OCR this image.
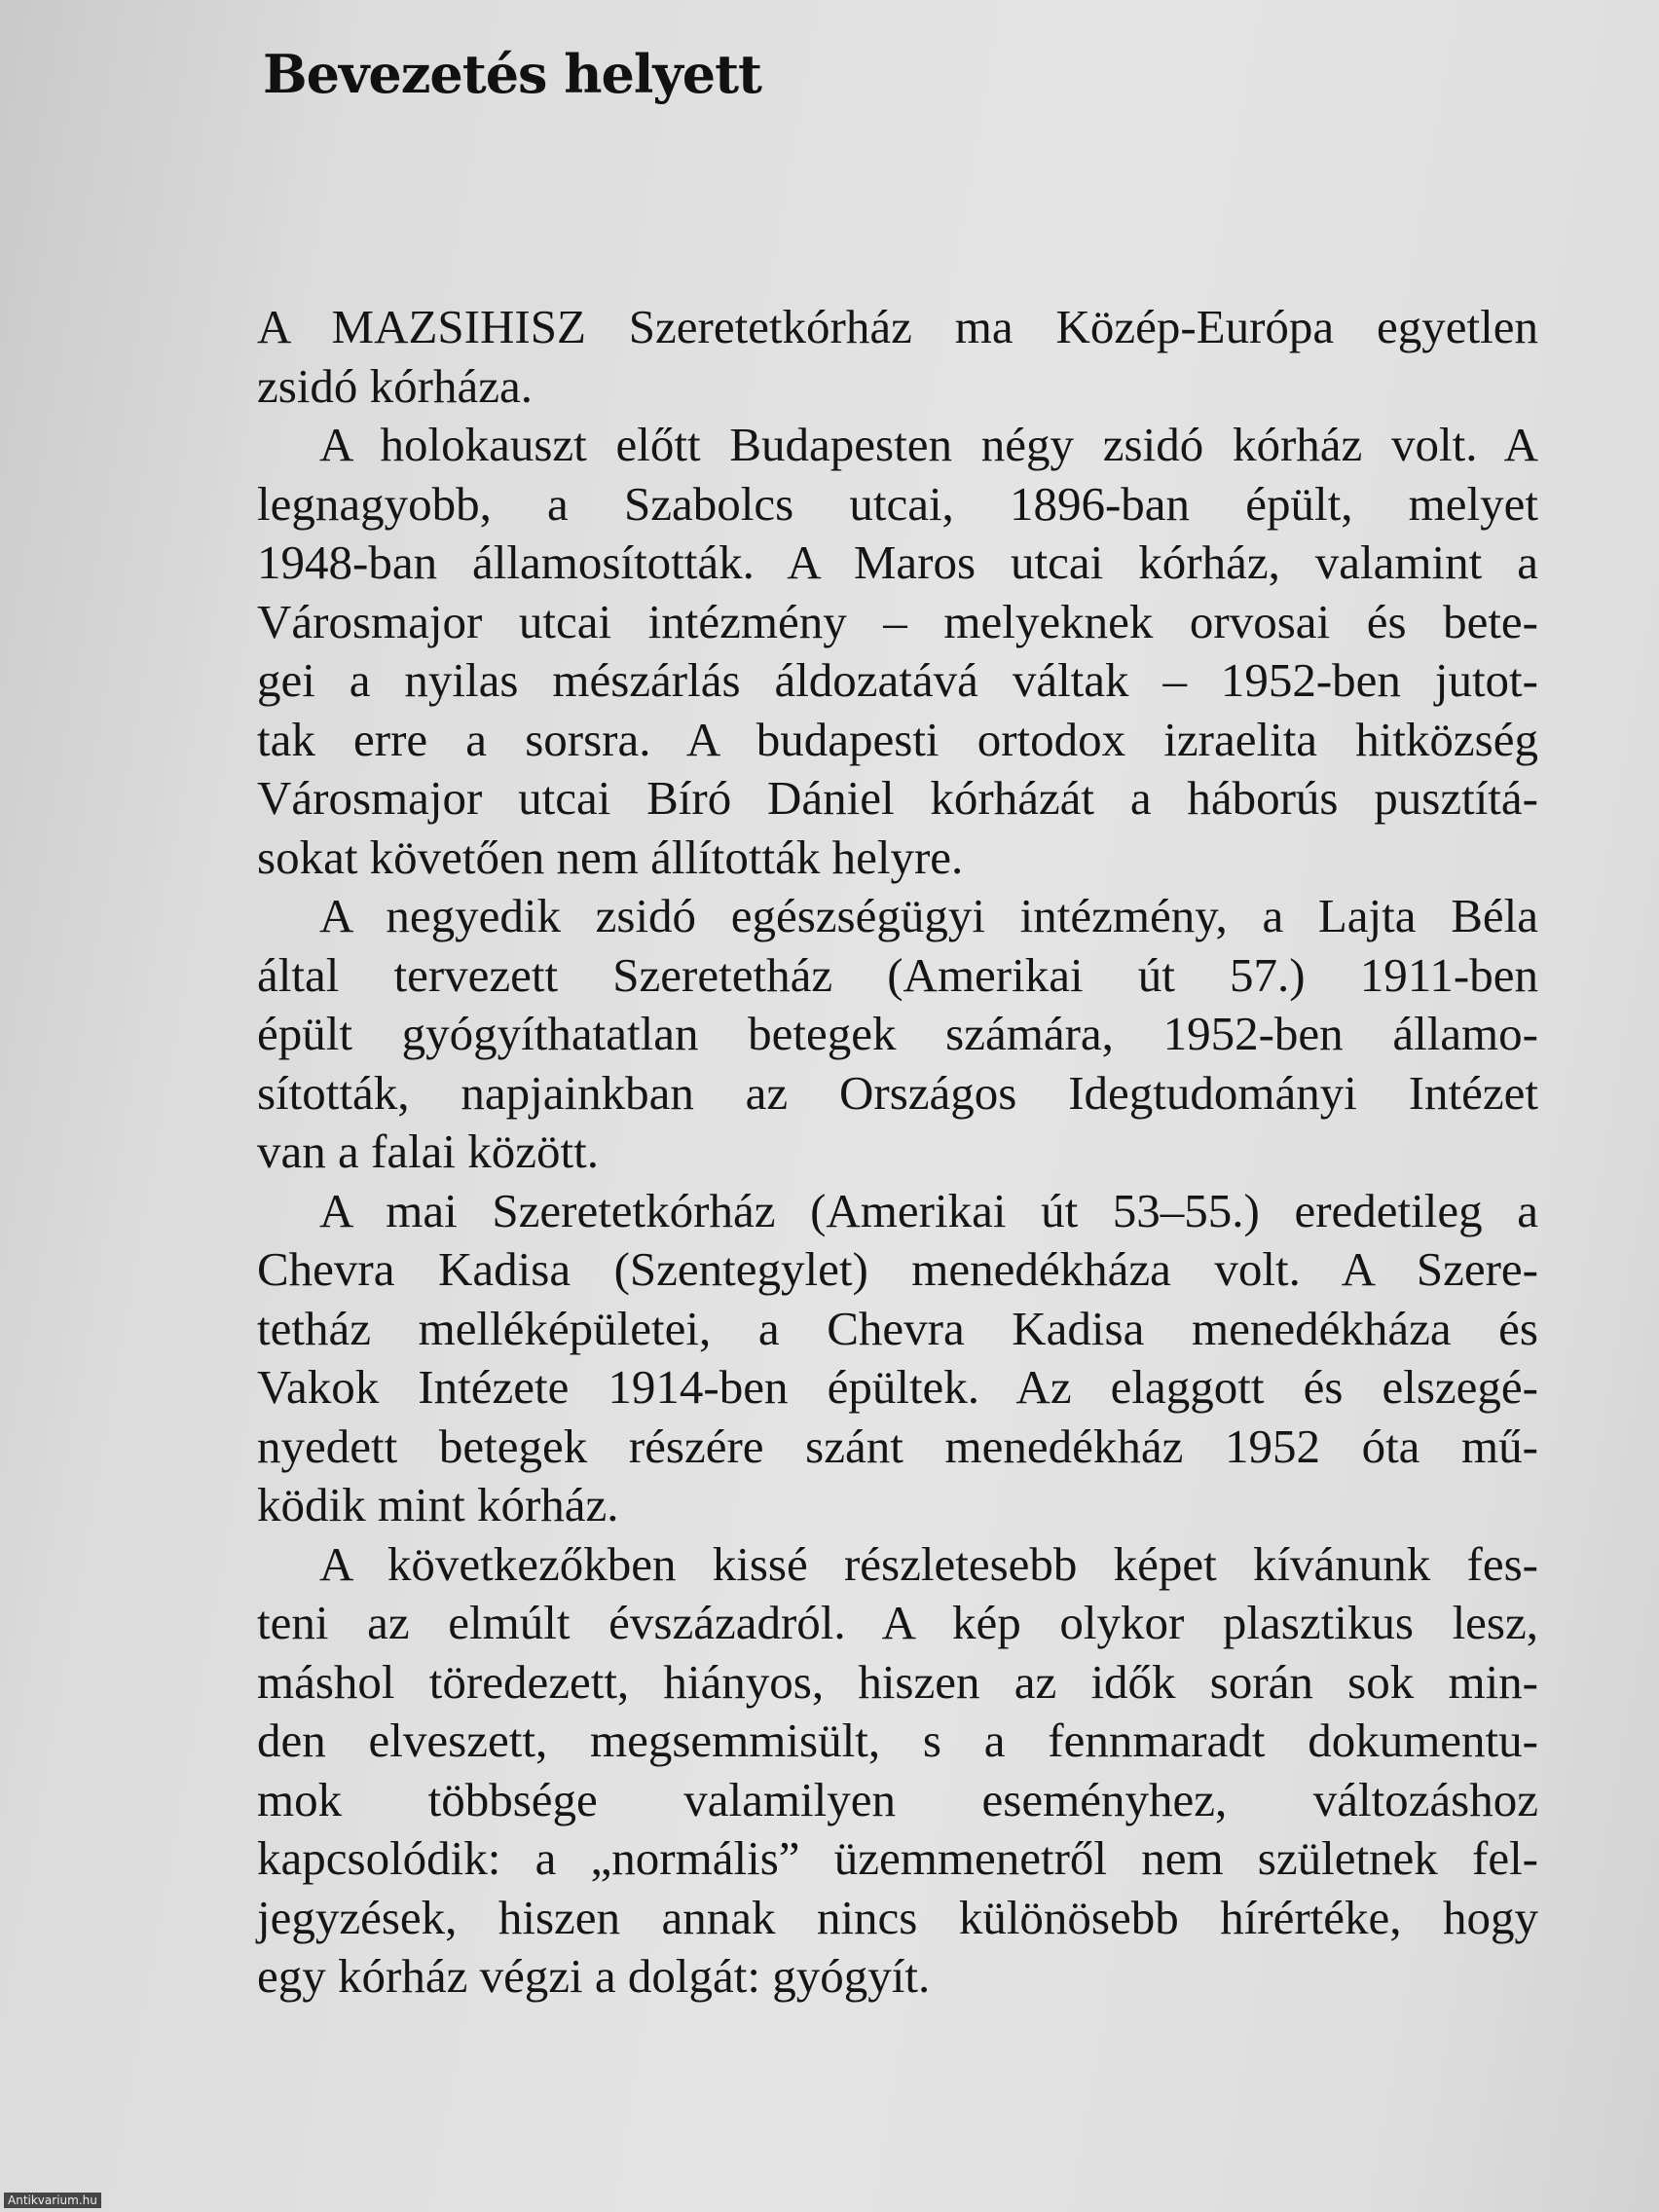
Bevezetés helyett
A MAZSIHISZ Szeretetkórház ma Közép-Európa egyetlen
zsidó kórháza.
A holokauszt előtt Budapesten négy zsidó kórház volt. A
legnagyobb, a Szabolcs utcai, 1896-ban épült, melyet
1948-ban államosították. A Maros utcai kórház, valamint a
Városmajor utcai intézmény – melyeknek orvosai és bete-
gei a nyilas mészárlás áldozatává váltak – 1952-ben jutot-
tak erre a sorsra. A budapesti ortodox izraelita hitközség
Városmajor utcai Bíró Dániel kórházát a háborús pusztítá-
sokat követően nem állították helyre.
A negyedik zsidó egészségügyi intézmény, a Lajta Béla
által tervezett Szeretetház (Amerikai út 57.) 1911-ben
épült gyógyíthatatlan betegek számára, 1952-ben államo-
sították, napjainkban az Országos Idegtudományi Intézet
van a falai között.
A mai Szeretetkórház (Amerikai út 53–55.) eredetileg a
Chevra Kadisa (Szentegylet) menedékháza volt. A Szere-
tetház melléképületei, a Chevra Kadisa menedékháza és
Vakok Intézete 1914-ben épültek. Az elaggott és elszegé-
nyedett betegek részére szánt menedékház 1952 óta mű-
ködik mint kórház.
A következőkben kissé részletesebb képet kívánunk fes-
teni az elmúlt évszázadról. A kép olykor plasztikus lesz,
máshol töredezett, hiányos, hiszen az idők során sok min-
den elveszett, megsemmisült, s a fennmaradt dokumentu-
mok többsége valamilyen eseményhez, változáshoz
kapcsolódik: a „normális” üzemmenetről nem születnek fel-
jegyzések, hiszen annak nincs különösebb hírértéke, hogy
egy kórház végzi a dolgát: gyógyít.
Antikvarium.hu
